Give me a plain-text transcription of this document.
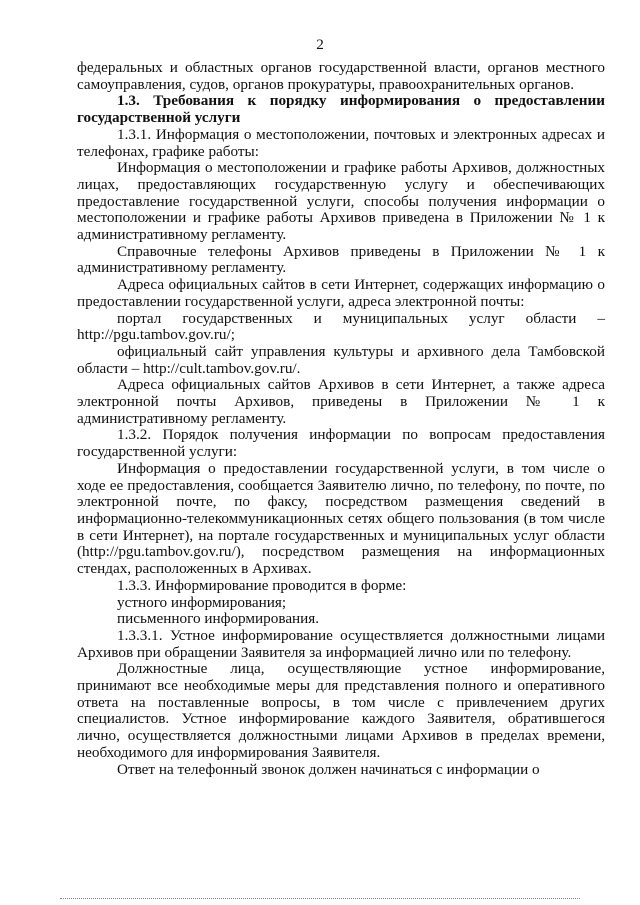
2

федеральных и областных органов государственной власти, органов местного самоуправления, судов, органов прокуратуры, правоохранительных органов.

1.3. Требования к порядку информирования о предоставлении государственной услуги

1.3.1. Информация о местоположении, почтовых и электронных адресах и телефонах, графике работы:

Информация о местоположении и графике работы Архивов, должностных лицах, предоставляющих государственную услугу и обеспечивающих предоставление государственной услуги, способы получения информации о местоположении и графике работы Архивов приведена в Приложении № 1 к административному регламенту.

Справочные телефоны Архивов приведены в Приложении № 1 к административному регламенту.

Адреса официальных сайтов в сети Интернет, содержащих информацию о предоставлении государственной услуги, адреса электронной почты:

портал государственных и муниципальных услуг области – http://pgu.tambov.gov.ru/;

официальный сайт управления культуры и архивного дела Тамбовской области – http://cult.tambov.gov.ru/.

Адреса официальных сайтов Архивов в сети Интернет, а также адреса электронной почты Архивов, приведены в Приложении № 1 к административному регламенту.

1.3.2. Порядок получения информации по вопросам предоставления государственной услуги:

Информация о предоставлении государственной услуги, в том числе о ходе ее предоставления, сообщается Заявителю лично, по телефону, по почте, по электронной почте, по факсу, посредством размещения сведений в информационно-телекоммуникационных сетях общего пользования (в том числе в сети Интернет), на портале государственных и муниципальных услуг области (http://pgu.tambov.gov.ru/), посредством размещения на информационных стендах, расположенных в Архивах.

1.3.3. Информирование проводится в форме:

устного информирования;

письменного информирования.

1.3.3.1. Устное информирование осуществляется должностными лицами Архивов при обращении Заявителя за информацией лично или по телефону.

Должностные лица, осуществляющие устное информирование, принимают все необходимые меры для представления полного и оперативного ответа на поставленные вопросы, в том числе с привлечением других специалистов. Устное информирование каждого Заявителя, обратившегося лично, осуществляется должностными лицами Архивов в пределах времени, необходимого для информирования Заявителя.

Ответ на телефонный звонок должен начинаться с информации о
